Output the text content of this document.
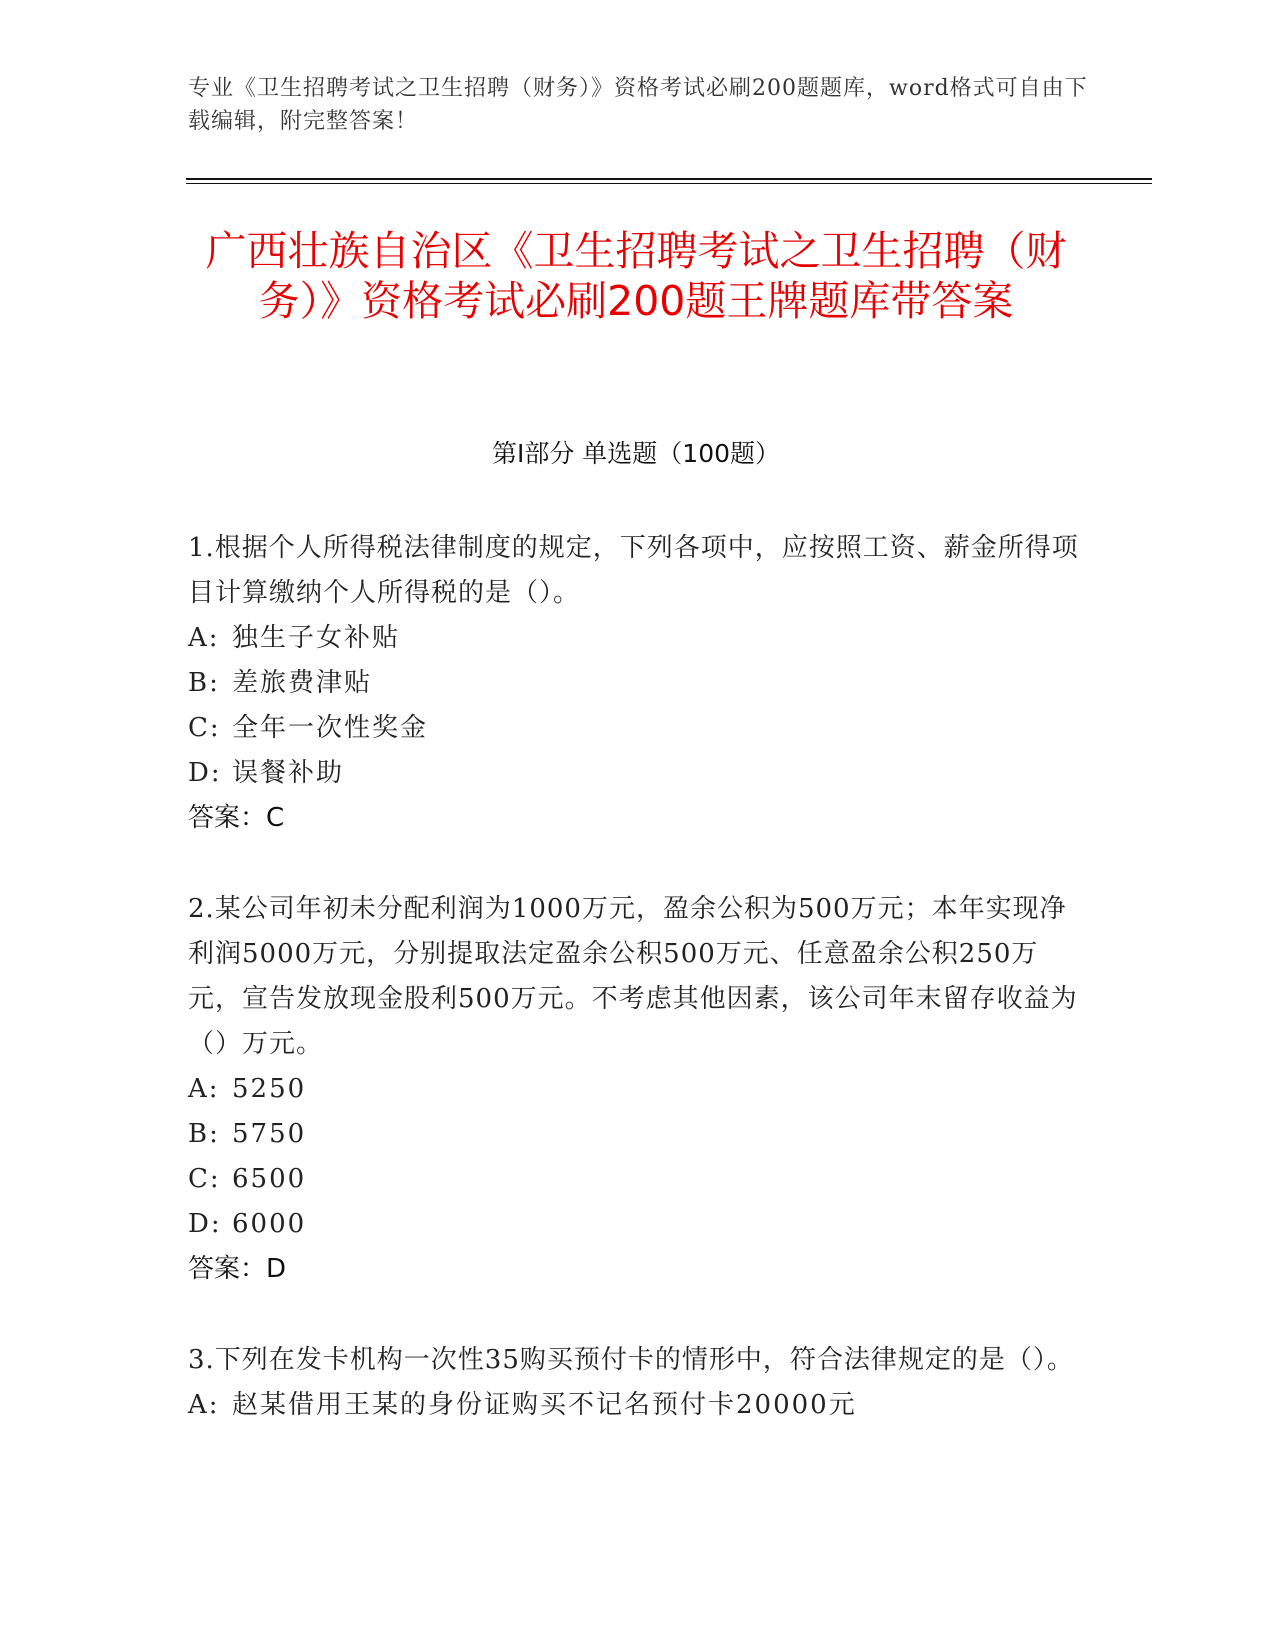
专业《卫生招聘考试之卫生招聘（财务）》资格考试必刷200题题库，word格式可自由下载编辑，附完整答案！
广西壮族自治区《卫生招聘考试之卫生招聘（财务）》资格考试必刷200题王牌题库带答案
第Ⅰ部分 单选题（100题）
1.根据个人所得税法律制度的规定，下列各项中，应按照工资、薪金所得项目计算缴纳个人所得税的是（）。
A: 独生子女补贴
B: 差旅费津贴
C: 全年一次性奖金
D: 误餐补助
答案：C
2.某公司年初未分配利润为1000万元，盈余公积为500万元；本年实现净利润5000万元，分别提取法定盈余公积500万元、任意盈余公积250万元，宣告发放现金股利500万元。不考虑其他因素，该公司年末留存收益为（）万元。
A: 5250
B: 5750
C: 6500
D: 6000
答案：D
3.下列在发卡机构一次性35购买预付卡的情形中，符合法律规定的是（）。
A: 赵某借用王某的身份证购买不记名预付卡20000元
